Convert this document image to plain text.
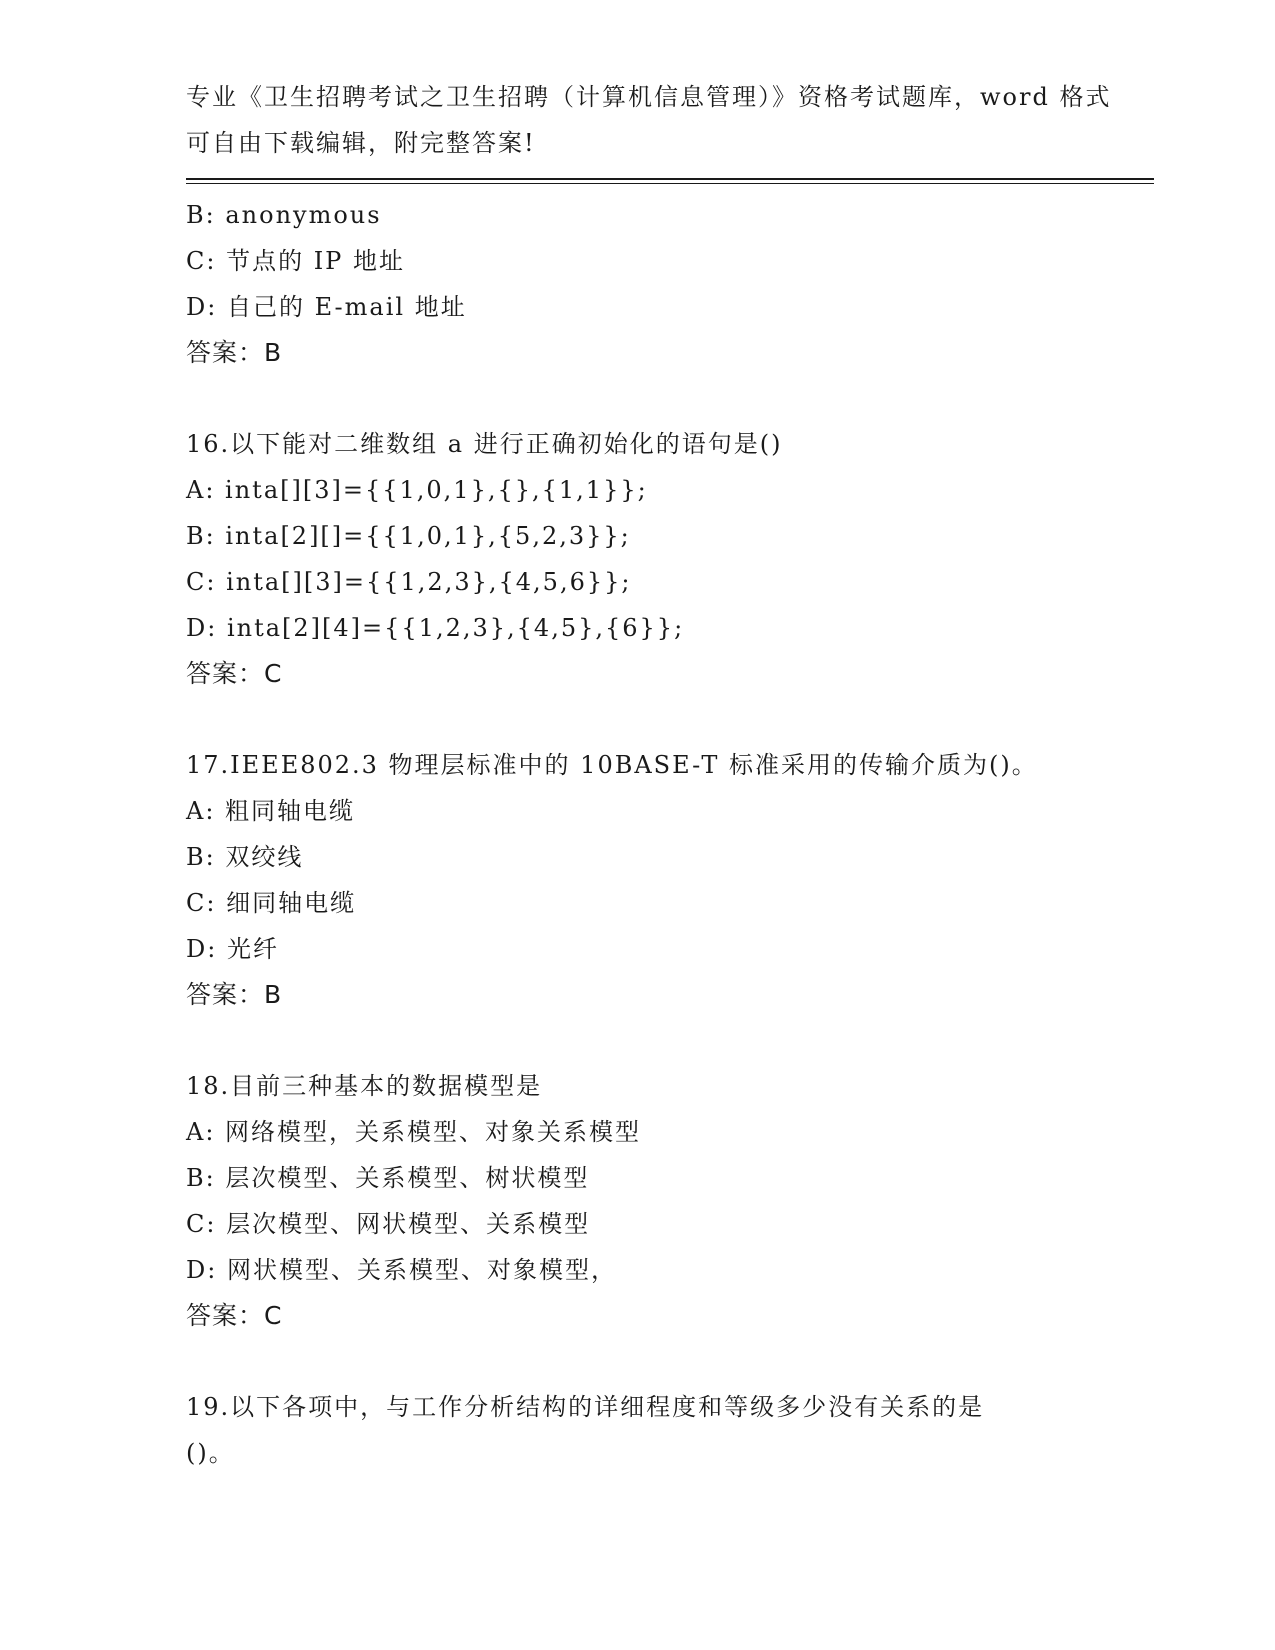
专业《卫生招聘考试之卫生招聘（计算机信息管理）》资格考试题库，word 格式
可自由下载编辑，附完整答案!
B: anonymous
C: 节点的 IP 地址
D: 自己的 E-mail 地址
答案：B
16.以下能对二维数组 a 进行正确初始化的语句是()
A: inta[][3]={{1,0,1},{},{1,1}};
B: inta[2][]={{1,0,1},{5,2,3}};
C: inta[][3]={{1,2,3},{4,5,6}};
D: inta[2][4]={{1,2,3},{4,5},{6}};
答案：C
17.IEEE802.3 物理层标准中的 10BASE-T 标准采用的传输介质为()。
A: 粗同轴电缆
B: 双绞线
C: 细同轴电缆
D: 光纤
答案：B
18.目前三种基本的数据模型是
A: 网络模型，关系模型、对象关系模型
B: 层次模型、关系模型、树状模型
C: 层次模型、网状模型、关系模型
D: 网状模型、关系模型、对象模型，
答案：C
19.以下各项中，与工作分析结构的详细程度和等级多少没有关系的是
()。
